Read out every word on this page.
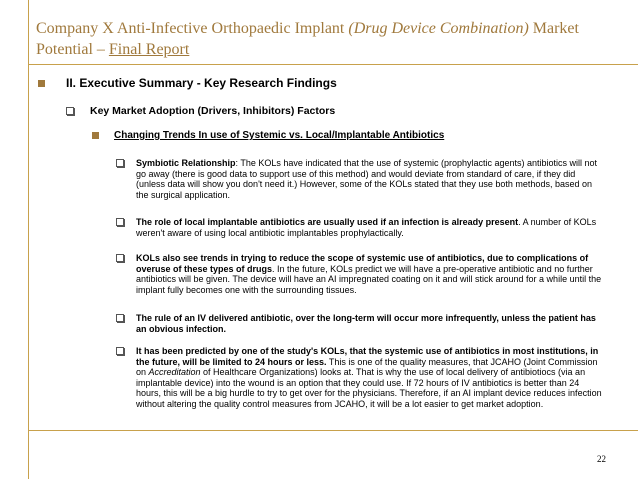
Company X Anti-Infective Orthopaedic Implant (Drug Device Combination) Market Potential – Final Report
II. Executive Summary - Key Research Findings
Key Market Adoption (Drivers, Inhibitors) Factors
Changing Trends In use of Systemic vs. Local/Implantable Antibiotics
Symbiotic Relationship: The KOLs have indicated that the use of systemic (prophylactic agents) antibiotics will not go away (there is good data to support use of this method) and would deviate from standard of care, if they did (unless data will show you don't need it.) However, some of the KOLs stated that they use both methods, based on the surgical application.
The role of local implantable antibiotics are usually used if an infection is already present. A number of KOLs weren't aware of using local antibiotic implantables prophylactically.
KOLs also see trends in trying to reduce the scope of systemic use of antibiotics, due to complications of overuse of these types of drugs. In the future, KOLs predict we will have a pre-operative antibiotic and no further antibiotics will be given. The device will have an AI impregnated coating on it and will stick around for a while until the implant fully becomes one with the surrounding tissues.
The rule of an IV delivered antibiotic, over the long-term will occur more infrequently, unless the patient has an obvious infection.
It has been predicted by one of the study's KOLs, that the systemic use of antibiotics in most institutions, in the future, will be limited to 24 hours or less. This is one of the quality measures, that JCAHO (Joint Commission on Accreditation of Healthcare Organizations) looks at. That is why the use of local delivery of antibiotiocs (via an implantable device) into the wound is an option that they could use. If 72 hours of IV antibiotics is better than 24 hours, this will be a big hurdle to try to get over for the physicians. Therefore, if an AI implant device reduces infection without altering the quality control measures from JCAHO, it will be a lot easier to get market adoption.
22
